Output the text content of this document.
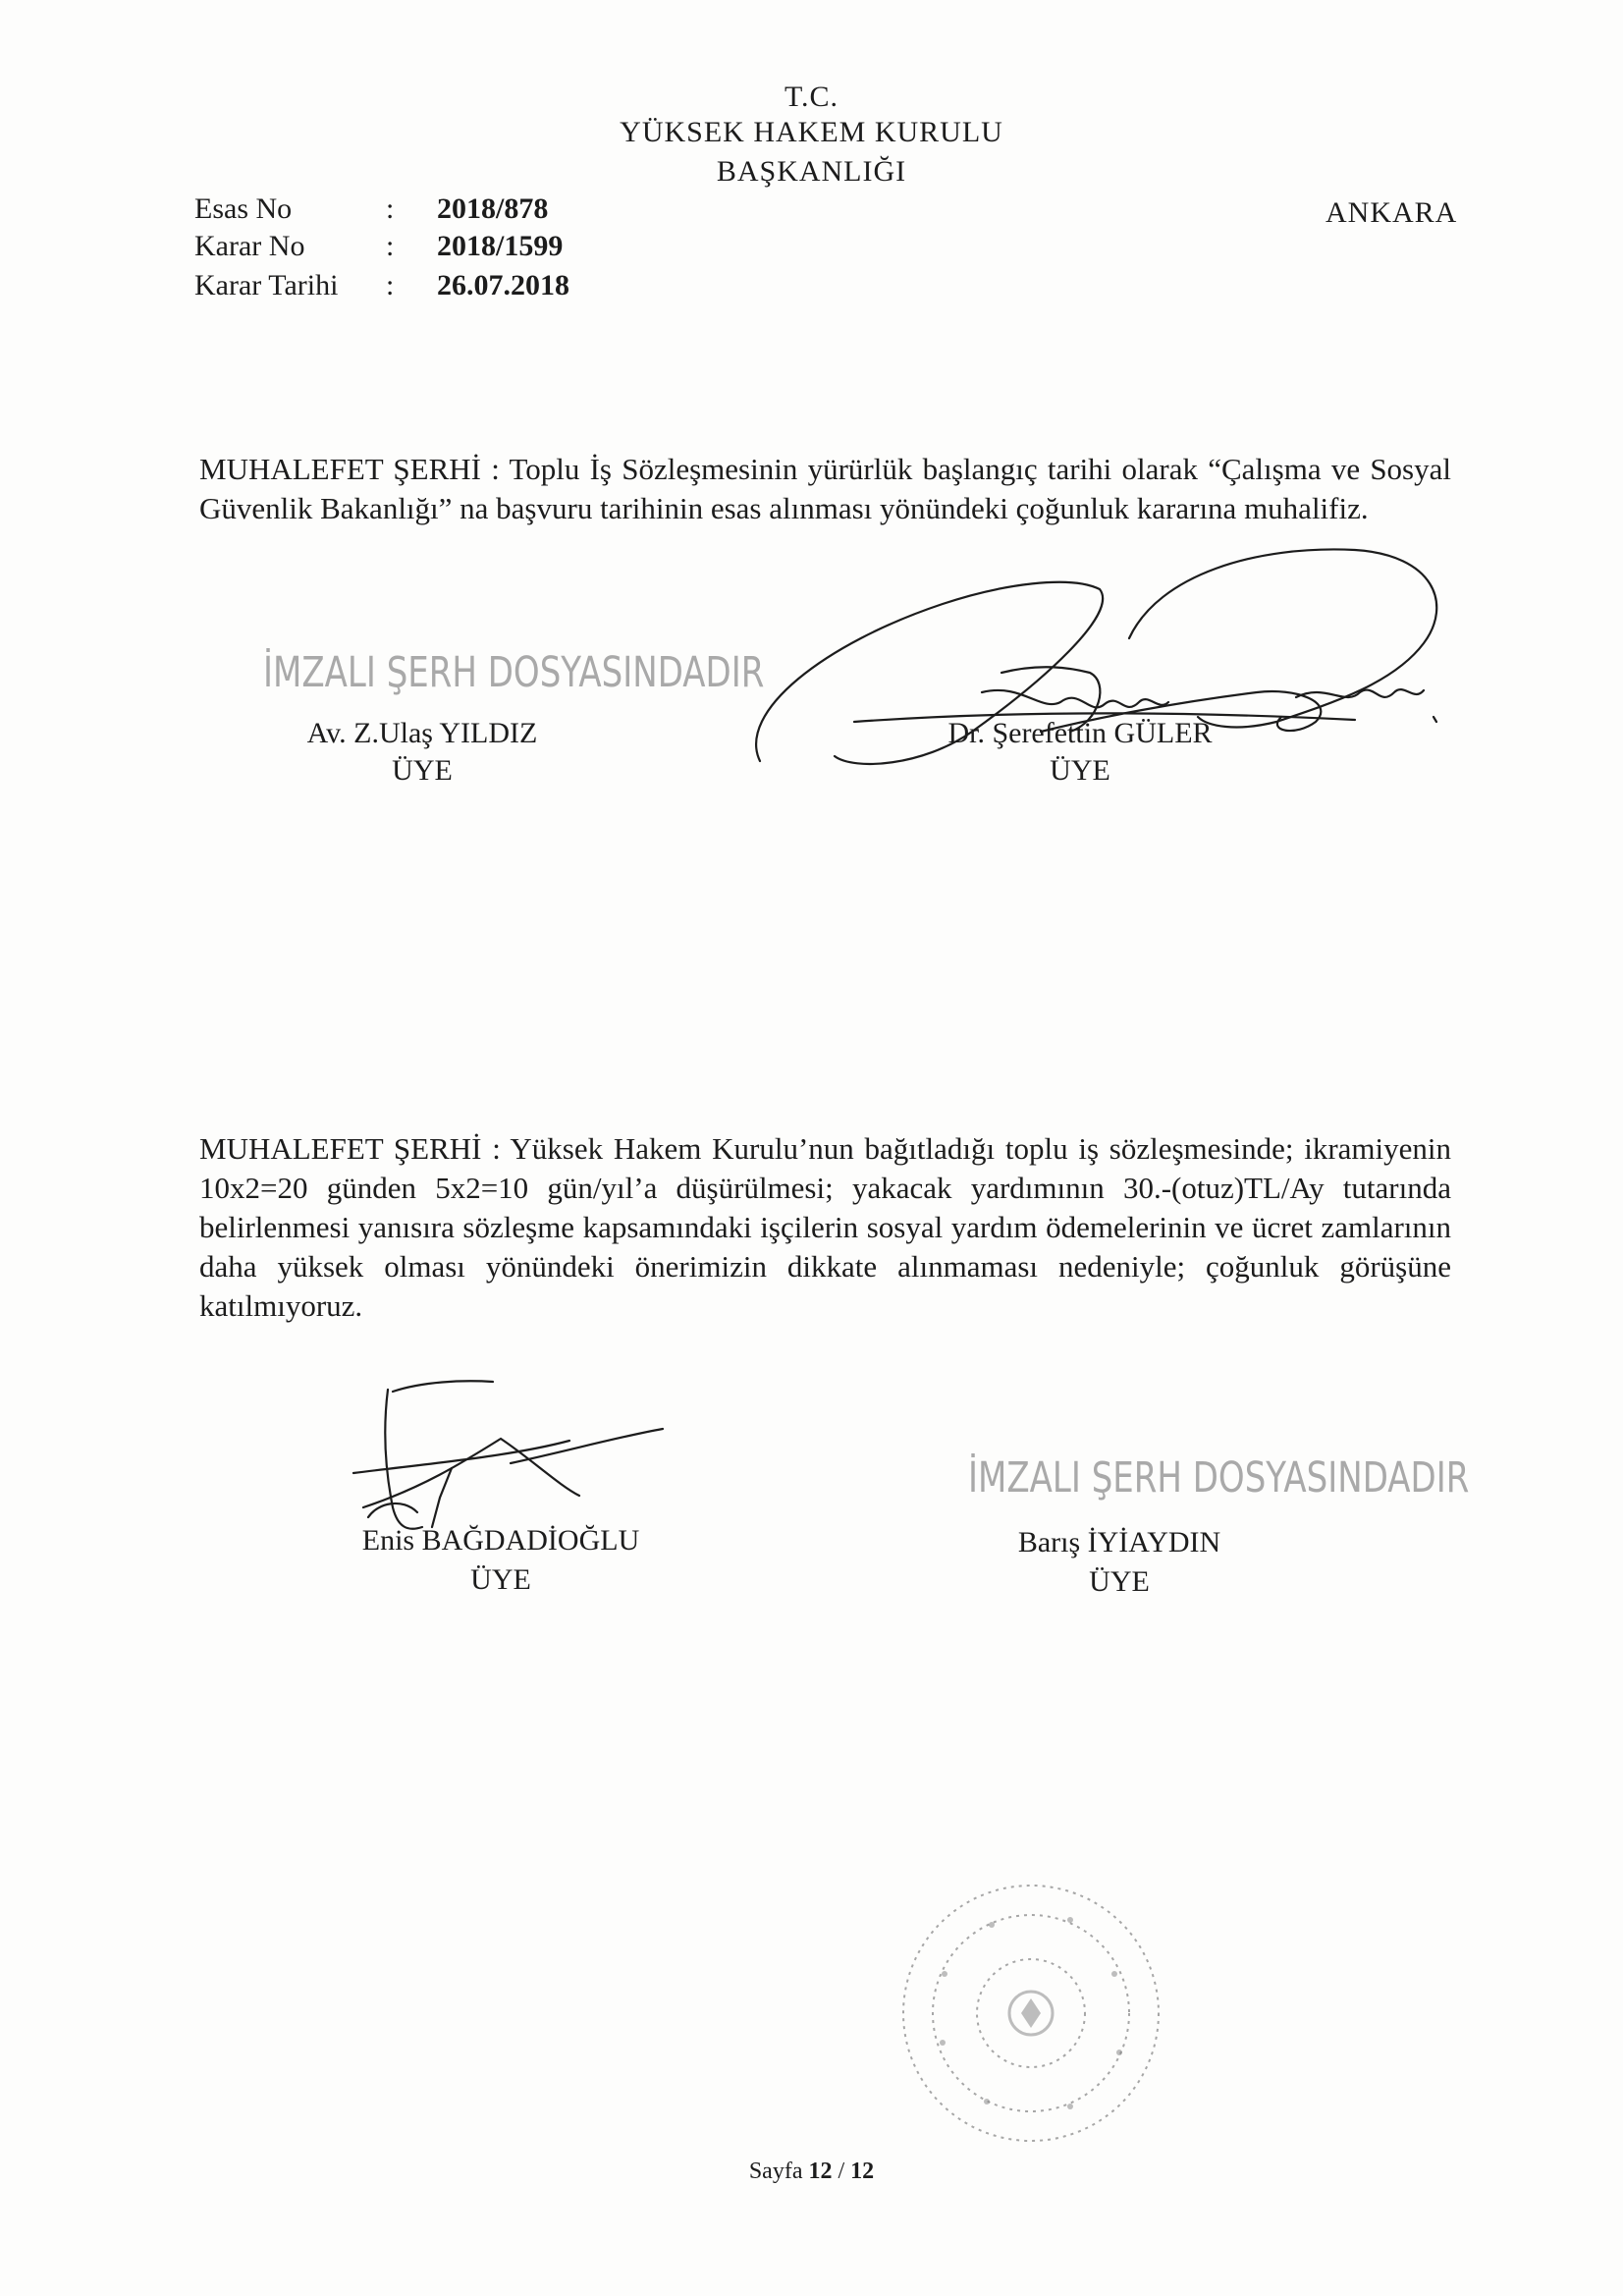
T.C.
YÜKSEK HAKEM KURULU
BAŞKANLIĞI
ANKARA
Esas No	: 2018/878
Karar No	: 2018/1599
Karar Tarihi : 26.07.2018
MUHALEFET ŞERHİ : Toplu İş Sözleşmesinin yürürlük başlangıç tarihi olarak “Çalışma ve Sosyal Güvenlik Bakanlığı” na başvuru tarihinin esas alınması yönündeki çoğunluk kararına muhalifiz.
İMZALI ŞERH DOSYASINDADIR
Av. Z.Ulaş YILDIZ
ÜYE
Dr. Şerefettin GÜLER
ÜYE
MUHALEFET ŞERHİ : Yüksek Hakem Kurulu’nun bağıtladığı toplu iş sözleşmesinde; ikramiyenin 10x2=20 günden 5x2=10 gün/yıl’a düşürülmesi; yakacak yardımının 30.-(otuz)TL/Ay tutarında belirlenmesi yanısıra sözleşme kapsamındaki işçilerin sosyal yardım ödemelerinin ve ücret zamlarının daha yüksek olması yönündeki önerimizin dikkate alınmaması nedeniyle; çoğunluk görüşüne katılmıyoruz.
Enis BAĞDADİOĞLU
ÜYE
İMZALI ŞERH DOSYASINDADIR
Barış İYİAYDIN
ÜYE
Sayfa 12 / 12
